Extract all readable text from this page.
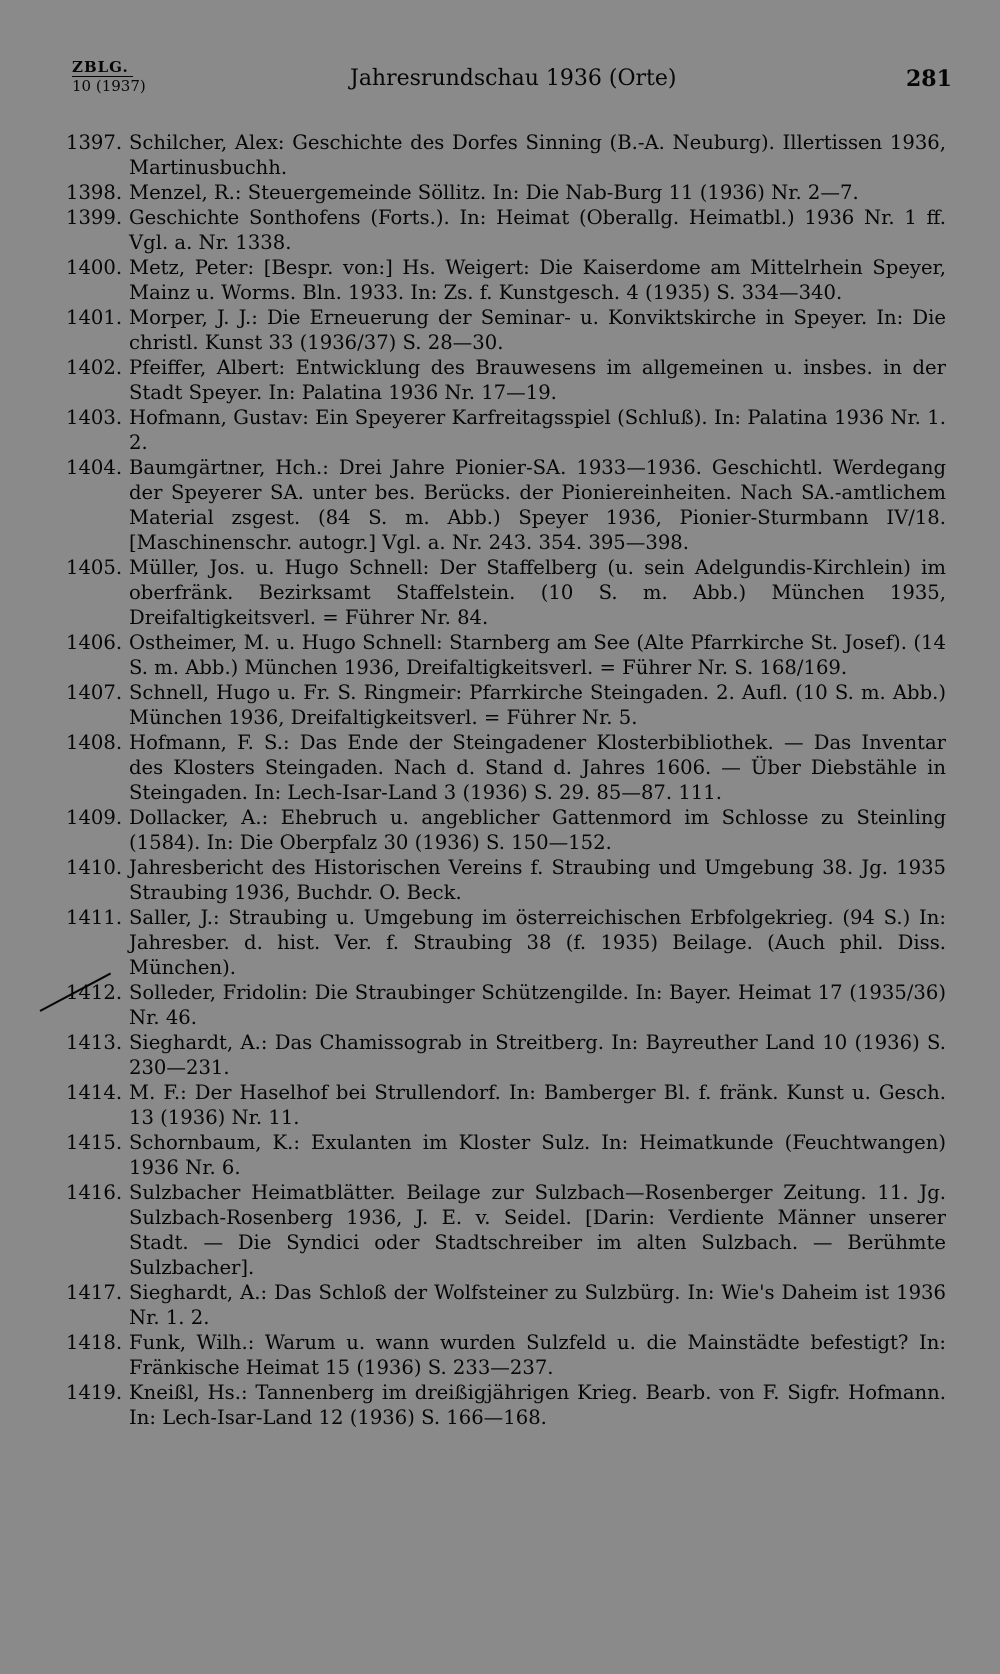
ZBLG.
10 (1937)	Jahresrundschau 1936 (Orte)	281
1397. Schilcher, Alex: Geschichte des Dorfes Sinning (B.-A. Neuburg). Illertissen 1936, Martinusbuchh.
1398. Menzel, R.: Steuergemeinde Söllitz. In: Die Nab-Burg 11 (1936) Nr. 2—7.
1399. Geschichte Sonthofens (Forts.). In: Heimat (Oberallg. Heimatbl.) 1936 Nr. 1 ff. Vgl. a. Nr. 1338.
1400. Metz, Peter: [Bespr. von:] Hs. Weigert: Die Kaiserdome am Mittelrhein Speyer, Mainz u. Worms. Bln. 1933. In: Zs. f. Kunstgesch. 4 (1935) S. 334—340.
1401. Morper, J. J.: Die Erneuerung der Seminar- u. Konviktskirche in Speyer. In: Die christl. Kunst 33 (1936/37) S. 28—30.
1402. Pfeiffer, Albert: Entwicklung des Brauwesens im allgemeinen u. insbes. in der Stadt Speyer. In: Palatina 1936 Nr. 17—19.
1403. Hofmann, Gustav: Ein Speyerer Karfreitagsspiel (Schluß). In: Palatina 1936 Nr. 1. 2.
1404. Baumgärtner, Hch.: Drei Jahre Pionier-SA. 1933—1936. Geschichtl. Werdegang der Speyerer SA. unter bes. Berücks. der Pioniereinheiten. Nach SA.-amtlichem Material zsgest. (84 S. m. Abb.) Speyer 1936, Pionier-Sturmbann IV/18. [Maschinenschr. autogr.] Vgl. a. Nr. 243. 354. 395—398.
1405. Müller, Jos. u. Hugo Schnell: Der Staffelberg (u. sein Adelgundis-Kirchlein) im oberfränk. Bezirksamt Staffelstein. (10 S. m. Abb.) München 1935, Dreifaltigkeitsverl. = Führer Nr. 84.
1406. Ostheimer, M. u. Hugo Schnell: Starnberg am See (Alte Pfarrkirche St. Josef). (14 S. m. Abb.) München 1936, Dreifaltigkeitsverl. = Führer Nr. S. 168/169.
1407. Schnell, Hugo u. Fr. S. Ringmeir: Pfarrkirche Steingaden. 2. Aufl. (10 S. m. Abb.) München 1936, Dreifaltigkeitsverl. = Führer Nr. 5.
1408. Hofmann, F. S.: Das Ende der Steingadener Klosterbibliothek. — Das Inventar des Klosters Steingaden. Nach d. Stand d. Jahres 1606. — Über Diebstähle in Steingaden. In: Lech-Isar-Land 3 (1936) S. 29. 85—87. 111.
1409. Dollacker, A.: Ehebruch u. angeblicher Gattenmord im Schlosse zu Steinling (1584). In: Die Oberpfalz 30 (1936) S. 150—152.
1410. Jahresbericht des Historischen Vereins f. Straubing und Umgebung 38. Jg. 1935 Straubing 1936, Buchdr. O. Beck.
1411. Saller, J.: Straubing u. Umgebung im österreichischen Erbfolgekrieg. (94 S.) In: Jahresber. d. hist. Ver. f. Straubing 38 (f. 1935) Beilage. (Auch phil. Diss. München).
1412. Solleder, Fridolin: Die Straubinger Schützengilde. In: Bayer. Heimat 17 (1935/36) Nr. 46.
1413. Sieghardt, A.: Das Chamissograb in Streitberg. In: Bayreuther Land 10 (1936) S. 230—231.
1414. M. F.: Der Haselhof bei Strullendorf. In: Bamberger Bl. f. fränk. Kunst u. Gesch. 13 (1936) Nr. 11.
1415. Schornbaum, K.: Exulanten im Kloster Sulz. In: Heimatkunde (Feuchtwangen) 1936 Nr. 6.
1416. Sulzbacher Heimatblätter. Beilage zur Sulzbach—Rosenberger Zeitung. 11. Jg. Sulzbach-Rosenberg 1936, J. E. v. Seidel. [Darin: Verdiente Männer unserer Stadt. — Die Syndici oder Stadtschreiber im alten Sulzbach. — Berühmte Sulzbacher].
1417. Sieghardt, A.: Das Schloß der Wolfsteiner zu Sulzbürg. In: Wie's Daheim ist 1936 Nr. 1. 2.
1418. Funk, Wilh.: Warum u. wann wurden Sulzfeld u. die Mainstädte befestigt? In: Fränkische Heimat 15 (1936) S. 233—237.
1419. Kneißl, Hs.: Tannenberg im dreißigjährigen Krieg. Bearb. von F. Sigfr. Hofmann. In: Lech-Isar-Land 12 (1936) S. 166—168.
